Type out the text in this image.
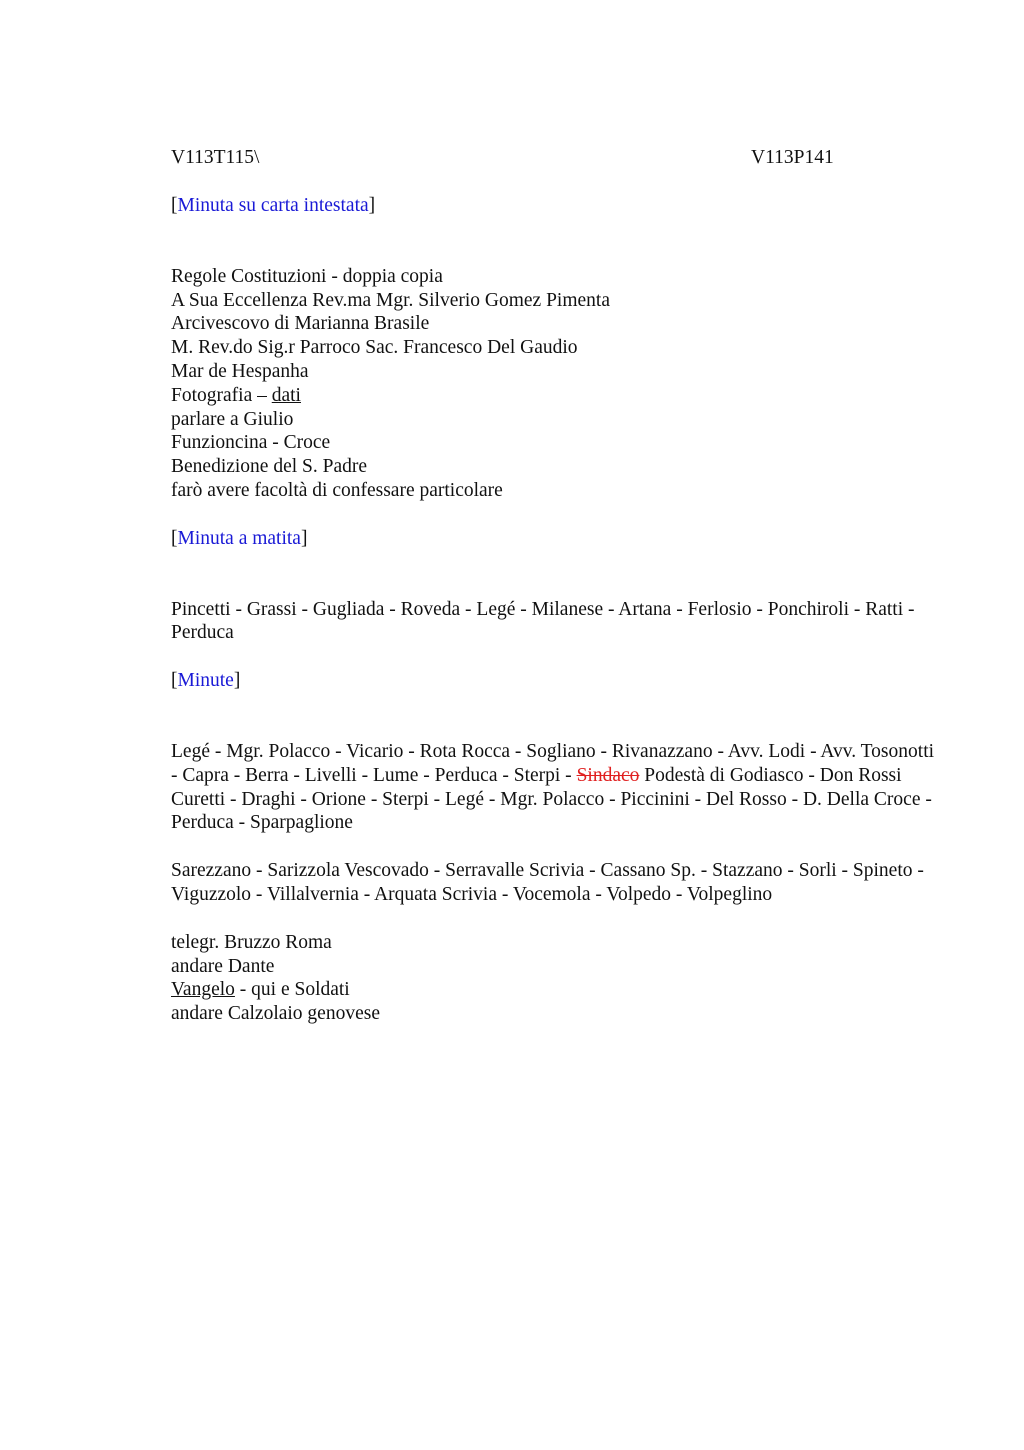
V113T115\	V113P141
[Minuta su carta intestata]
Regole Costituzioni - doppia copia
A Sua Eccellenza Rev.ma Mgr. Silverio Gomez Pimenta
Arcivescovo di Marianna Brasile
M. Rev.do Sig.r Parroco Sac. Francesco Del Gaudio
Mar de Hespanha
Fotografia – dati
parlare a Giulio
Funzioncina - Croce
Benedizione del S. Padre
farò avere facoltà di confessare particolare
[Minuta a matita]
Pincetti - Grassi - Gugliada - Roveda - Legé - Milanese - Artana - Ferlosio - Ponchiroli - Ratti - Perduca
[Minute]
Legé - Mgr. Polacco - Vicario - Rota Rocca - Sogliano - Rivanazzano - Avv. Lodi - Avv. Tosonotti - Capra - Berra - Livelli - Lume - Perduca - Sterpi - Sindaco Podestà di Godiasco - Don Rossi
Curetti - Draghi - Orione - Sterpi - Legé - Mgr. Polacco - Piccinini - Del Rosso - D. Della Croce - Perduca - Sparpaglione
Sarezzano - Sarizzola Vescovado - Serravalle Scrivia - Cassano Sp. - Stazzano - Sorli - Spineto - Viguzzolo - Villalvernia - Arquata Scrivia - Vocemola - Volpedo - Volpeglino
telegr. Bruzzo Roma
andare Dante
Vangelo - qui e Soldati
andare Calzolaio genovese
